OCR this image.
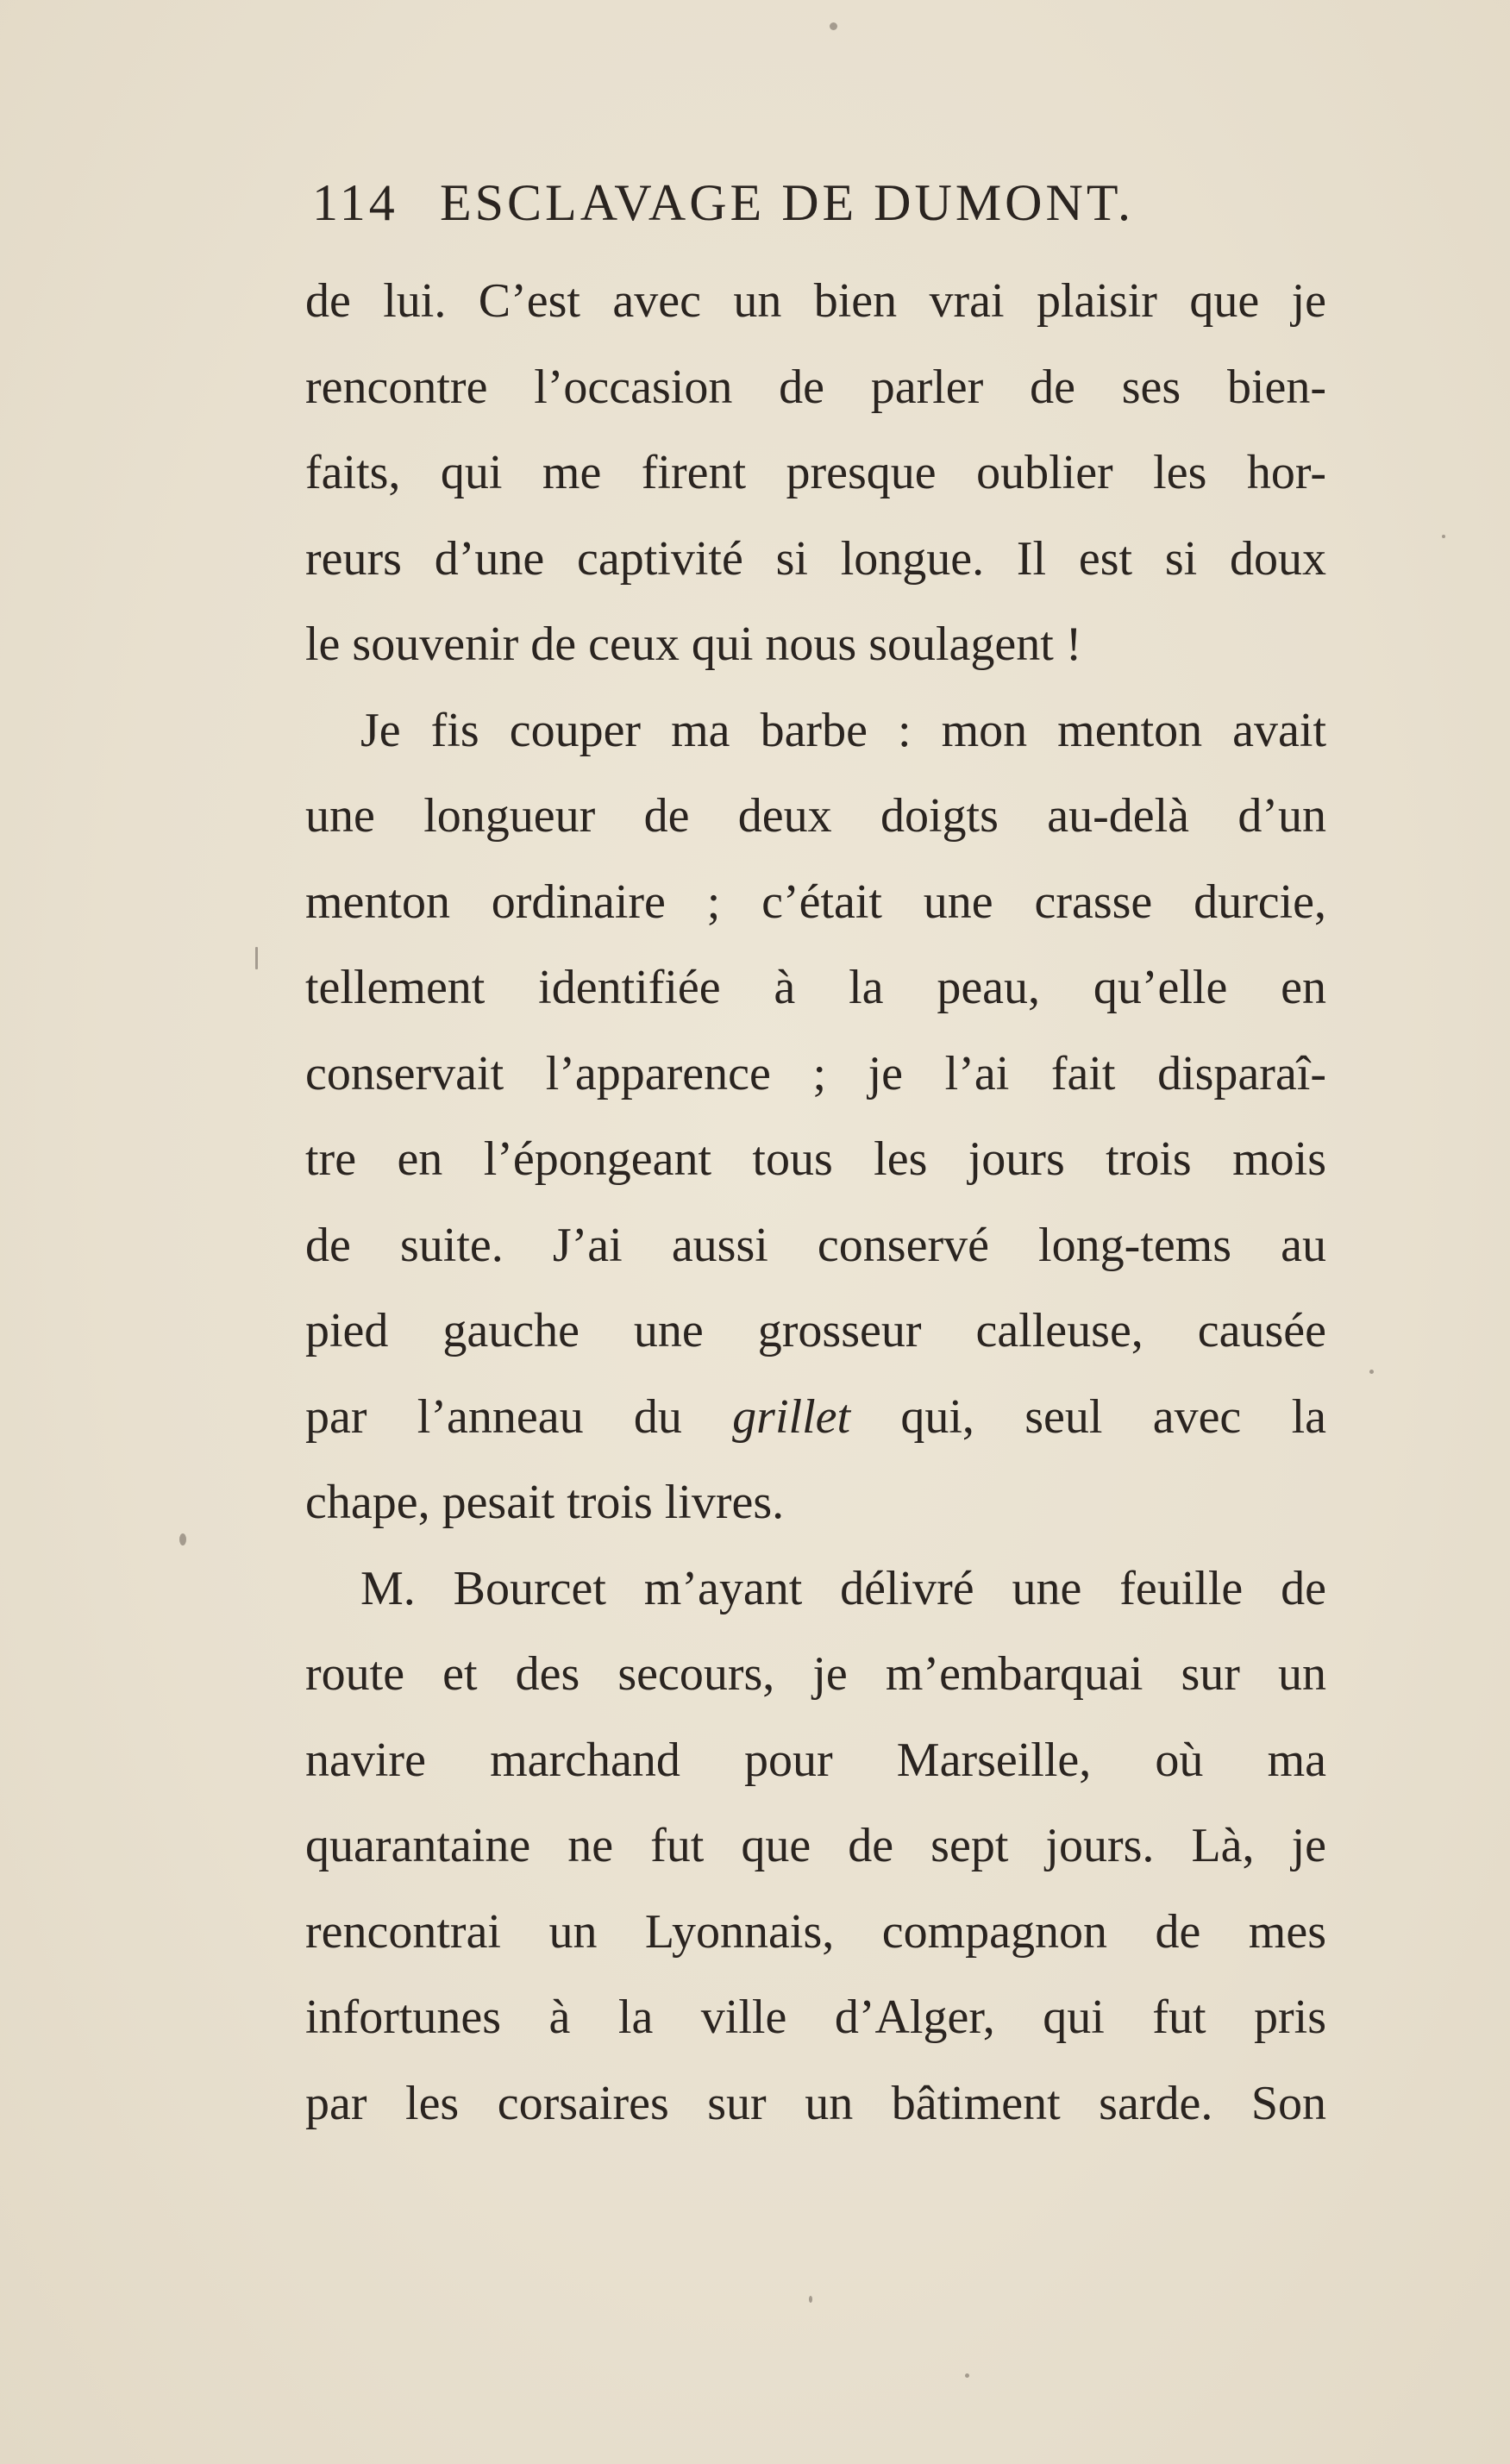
114 ESCLAVAGE DE DUMONT.
de lui. C’est avec un bien vrai plaisir que je
rencontre l’occasion de parler de ses bien-
faits, qui me firent presque oublier les hor-
reurs d’une captivité si longue. Il est si doux
le souvenir de ceux qui nous soulagent !
Je fis couper ma barbe : mon menton avait
une longueur de deux doigts au-delà d’un
menton ordinaire ; c’était une crasse durcie,
tellement identifiée à la peau, qu’elle en
conservait l’apparence ; je l’ai fait disparaî-
tre en l’épongeant tous les jours trois mois
de suite. J’ai aussi conservé long-tems au
pied gauche une grosseur calleuse, causée
par l’anneau du grillet qui, seul avec la
chape, pesait trois livres.
M. Bourcet m’ayant délivré une feuille de
route et des secours, je m’embarquai sur un
navire marchand pour Marseille, où ma
quarantaine ne fut que de sept jours. Là, je
rencontrai un Lyonnais, compagnon de mes
infortunes à la ville d’Alger, qui fut pris
par les corsaires sur un bâtiment sarde. Son
